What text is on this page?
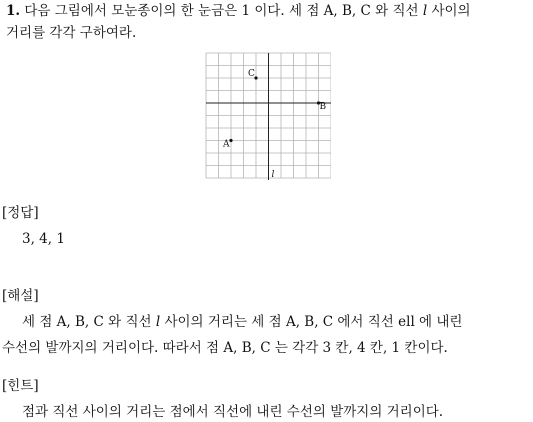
1. 다음 그림에서 모눈종이의 한 눈금은 1 이다. 세 점 A, B, C 와 직선 l 사이의
거리를 각각 구하여라.
l
A
B
C
[정답]
3, 4, 1
[해설]
세 점 A, B, C 와 직선 l 사이의 거리는 세 점 A, B, C 에서 직선 ell 에 내린
수선의 발까지의 거리이다. 따라서 점 A, B, C 는 각각 3 칸, 4 칸, 1 칸이다.
[힌트]
점과 직선 사이의 거리는 점에서 직선에 내린 수선의 발까지의 거리이다.
